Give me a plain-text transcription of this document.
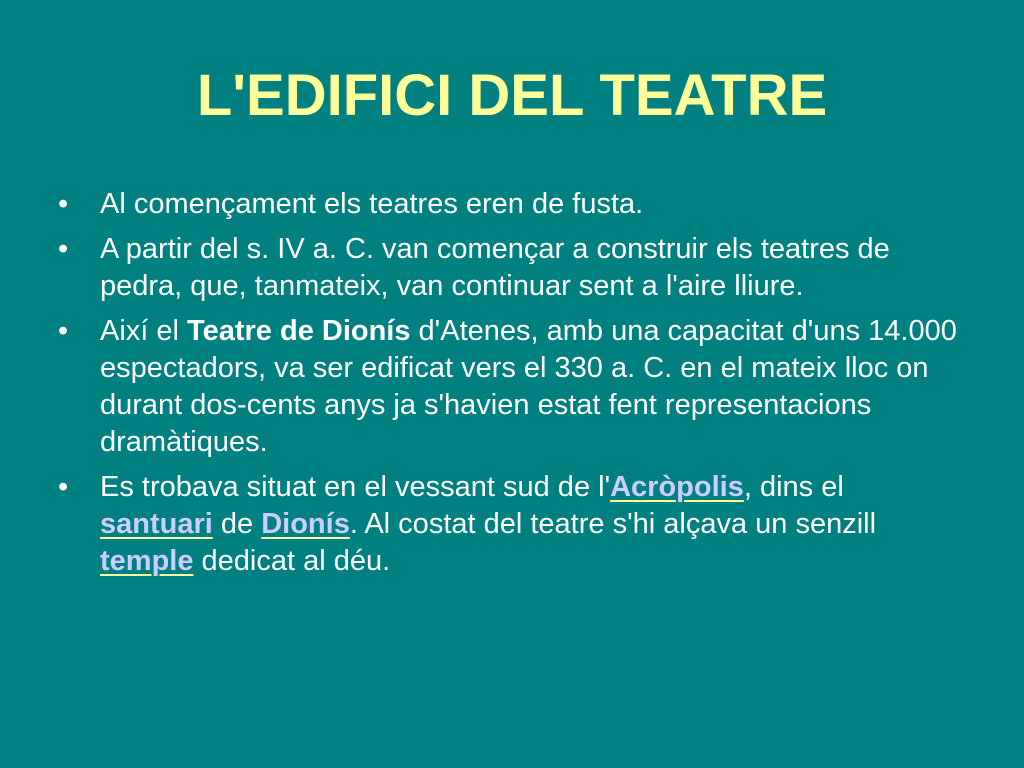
L'EDIFICI DEL TEATRE
• Al començament els teatres eren de fusta.
• A partir del s. IV a. C. van començar a construir els teatres de pedra, que, tanmateix, van continuar sent a l'aire lliure.
• Així el Teatre de Dionís d'Atenes, amb una capacitat d'uns 14.000 espectadors, va ser edificat vers el 330 a. C. en el mateix lloc on durant dos-cents anys ja s'havien estat fent representacions dramàtiques.
• Es trobava situat en el vessant sud de l'Acròpolis, dins el santuari de Dionís. Al costat del teatre s'hi alçava un senzill temple dedicat al déu.
